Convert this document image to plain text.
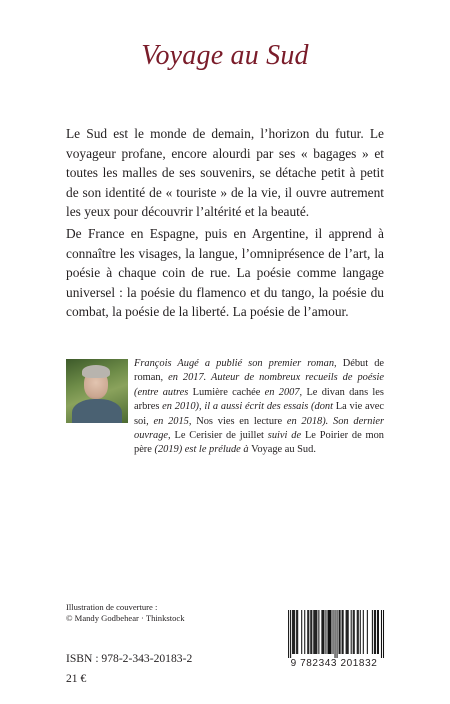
Voyage au Sud

Le Sud est le monde de demain, l’horizon du futur. Le voyageur profane, encore alourdi par ses « bagages » et toutes les malles de ses souvenirs, se détache petit à petit de son identité de « touriste » de la vie, il ouvre autrement les yeux pour découvrir l’altérité et la beauté.

De France en Espagne, puis en Argentine, il apprend à connaître les visages, la langue, l’omniprésence de l’art, la poésie à chaque coin de rue. La poésie comme langage universel : la poésie du flamenco et du tango, la poésie du combat, la poésie de la liberté. La poésie de l’amour.

François Augé a publié son premier roman, Début de roman, en 2017. Auteur de nombreux recueils de poésie (entre autres Lumière cachée en 2007, Le divan dans les arbres en 2010), il a aussi écrit des essais (dont La vie avec soi, en 2015, Nos vies en lecture en 2018). Son dernier ouvrage, Le Cerisier de juillet suivi de Le Poirier de mon père (2019) est le prélude à Voyage au Sud.

Illustration de couverture :
© Mandy Godbehear · Thinkstock
ISBN : 978-2-343-20183-2
21 €
9 782343 201832
